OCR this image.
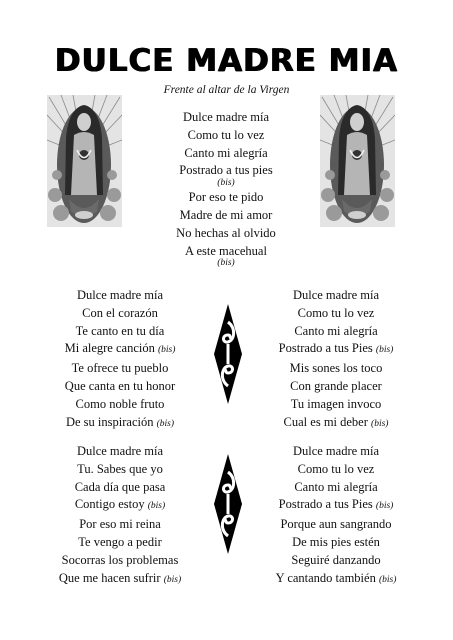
DULCE MADRE MIA
Frente al altar de la Virgen
Dulce madre mía
Como tu lo vez
Canto mi alegría
Postrado a tus pies
(bis)
Por eso te pido
Madre de mi amor
No hechas al olvido
A este macehual
(bis)
Dulce madre mía
Con el corazón
Te canto en tu día
Mi alegre canción (bis)
Te ofrece tu pueblo
Que canta en tu honor
Como noble fruto
De su inspiración (bis)
Dulce madre mía
Como tu lo vez
Canto mi alegría
Postrado a tus Pies (bis)
Mis sones los toco
Con grande placer
Tu imagen invoco
Cual es mi deber (bis)
Dulce madre mía
Tu. Sabes que yo
Cada día que pasa
Contigo estoy (bis)
Por eso mi reina
Te vengo a pedir
Socorras los problemas
Que me hacen sufrir (bis)
Dulce madre mía
Como tu lo vez
Canto mi alegría
Postrado a tus Pies (bis)
Porque aun sangrando
De mis pies estén
Seguiré danzando
Y cantando también (bis)
